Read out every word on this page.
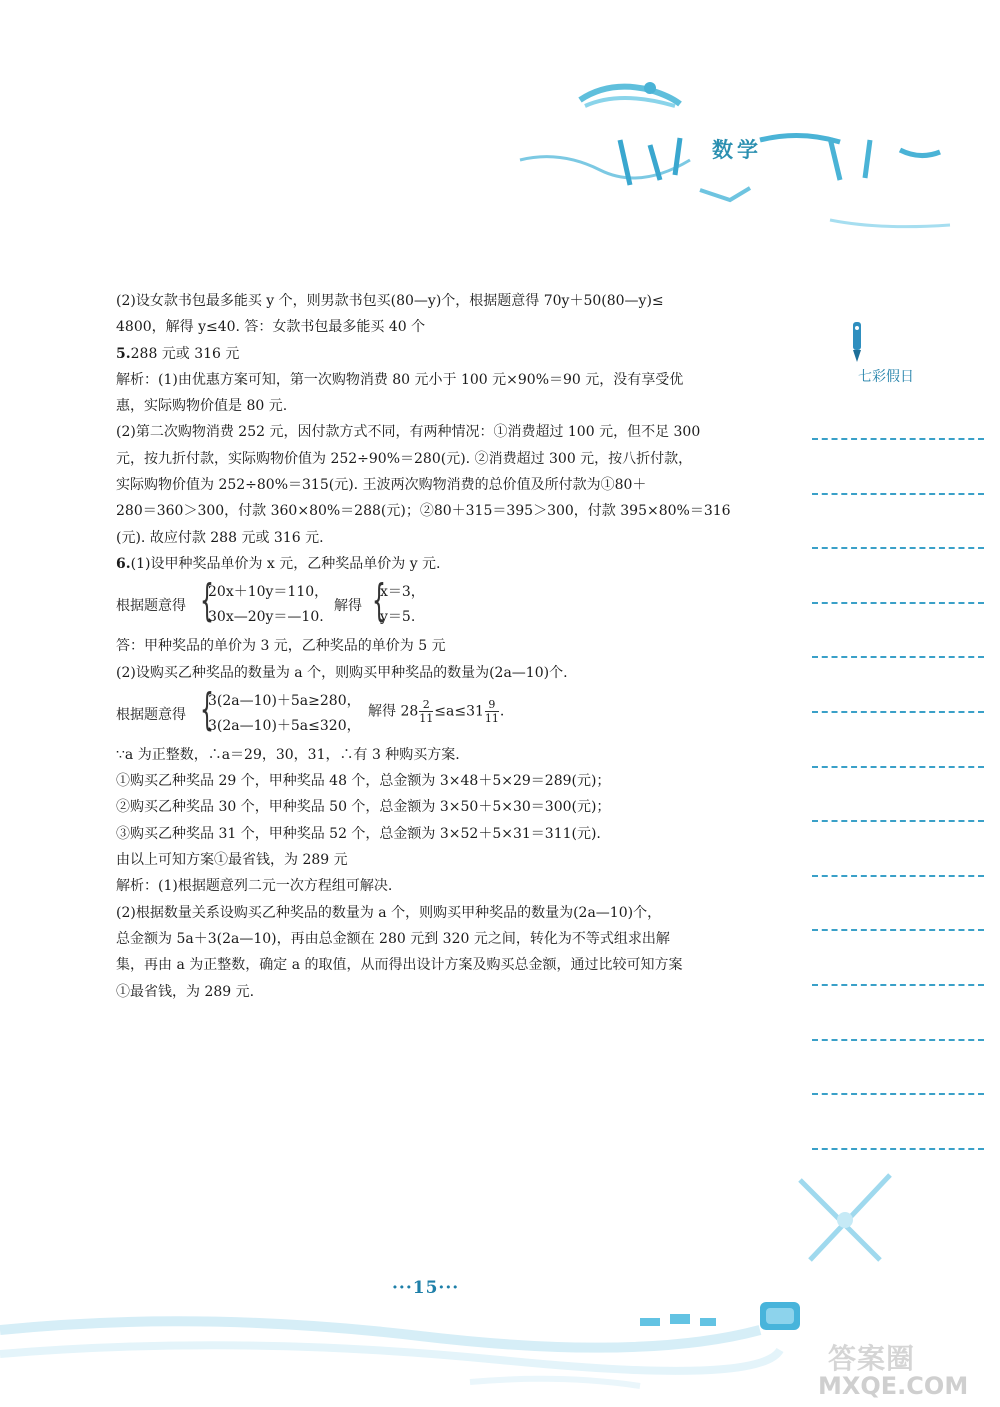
数学
七彩假日
(2)设女款书包最多能买 y 个，则男款书包买(80—y)个，根据题意得 70y＋50(80—y)≤
4800，解得 y≤40. 答：女款书包最多能买 40 个
5.288 元或 316 元
解析：(1)由优惠方案可知，第一次购物消费 80 元小于 100 元×90%＝90 元，没有享受优
惠，实际购物价值是 80 元.
(2)第二次购物消费 252 元，因付款方式不同，有两种情况：①消费超过 100 元，但不足 300
元，按九折付款，实际购物价值为 252÷90%＝280(元). ②消费超过 300 元，按八折付款，
实际购物价值为 252÷80%＝315(元). 王波两次购物消费的总价值及所付款为①80＋
280＝360＞300，付款 360×80%＝288(元)；②80＋315＝395＞300，付款 395×80%＝316
(元). 故应付款 288 元或 316 元.
6.(1)设甲种奖品单价为 x 元，乙种奖品单价为 y 元.
根据题意得 {
20x＋10y＝110，
30x—20y＝—10.
解得 {
x＝3，
y＝5.
答：甲种奖品的单价为 3 元，乙种奖品的单价为 5 元
(2)设购买乙种奖品的数量为 a 个，则购买甲种奖品的数量为(2a—10)个.
根据题意得 {
3(2a—10)＋5a≥280，
3(2a—10)＋5a≤320，
解得 $28 \frac{2}{11} \le a\le 31 \frac{9}{11}$ .
∵a 为正整数，∴a＝29，30，31，∴有 3 种购买方案.
①购买乙种奖品 29 个，甲种奖品 48 个，总金额为 3×48＋5×29＝289(元)；
②购买乙种奖品 30 个，甲种奖品 50 个，总金额为 3×50＋5×30＝300(元)；
③购买乙种奖品 31 个，甲种奖品 52 个，总金额为 3×52＋5×31＝311(元).
由以上可知方案①最省钱，为 289 元
解析：(1)根据题意列二元一次方程组可解决.
(2)根据数量关系设购买乙种奖品的数量为 a 个，则购买甲种奖品的数量为(2a—10)个，
总金额为 5a＋3(2a—10)，再由总金额在 280 元到 320 元之间，转化为不等式组求出解
集，再由 a 为正整数，确定 a 的取值，从而得出设计方案及购买总金额，通过比较可知方案
①最省钱，为 289 元.
···15···
答案圈
MXQE.COM
